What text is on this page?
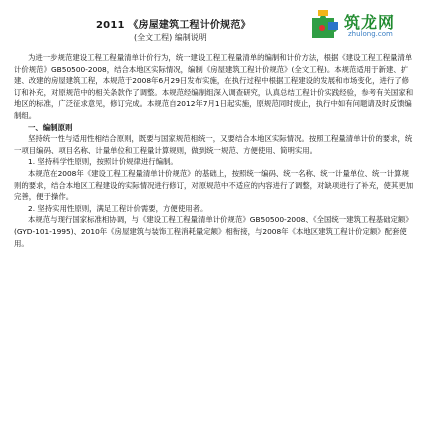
2011 《房屋建筑工程计价规范》
(全文工程) 编制说明
筑龙网
zhulong.com

为进一步规范建设工程工程量清单计价行为，统一建设工程工程量清单的编制和计价方法，根据《建设工程工程量清单计价规范》GB50500-2008，结合本地区实际情况，编制《房屋建筑工程计价规范》(全文工程)。本规范适用于新建、扩建、改建的房屋建筑工程，本规范于2008年6月29日发布实施，在执行过程中根据工程建设的发展和市场变化，进行了修订和补充，对原规范中的相关条款作了调整。本规范经编制组深入调查研究，认真总结工程计价实践经验，参考有关国家和地区的标准，广泛征求意见，修订完成。本规范自2012年7月1日起实施，原规范同时废止，执行中如有问题请及时反馈编制组。

一、编制原则

坚持统一性与适用性相结合原则，既要与国家规范相统一，又要结合本地区实际情况。按照工程量清单计价的要求，统一项目编码、项目名称、计量单位和工程量计算规则，做到统一规范、方便使用、简明实用。

1. 坚持科学性原则，按照计价规律进行编制。

本规范在2008年《建设工程工程量清单计价规范》的基础上，按照统一编码、统一名称、统一计量单位、统一计算规则的要求，结合本地区工程建设的实际情况进行修订，对原规范中不适应的内容进行了调整，对缺项进行了补充，使其更加完善，便于操作。

2. 坚持实用性原则，满足工程计价需要，方便使用者。

本规范与现行国家标准相协调，与《建设工程工程量清单计价规范》GB50500-2008、《全国统一建筑工程基础定额》(GYD-101-1995)、2010年《房屋建筑与装饰工程消耗量定额》相衔接，与2008年《本地区建筑工程计价定额》配套使用。
